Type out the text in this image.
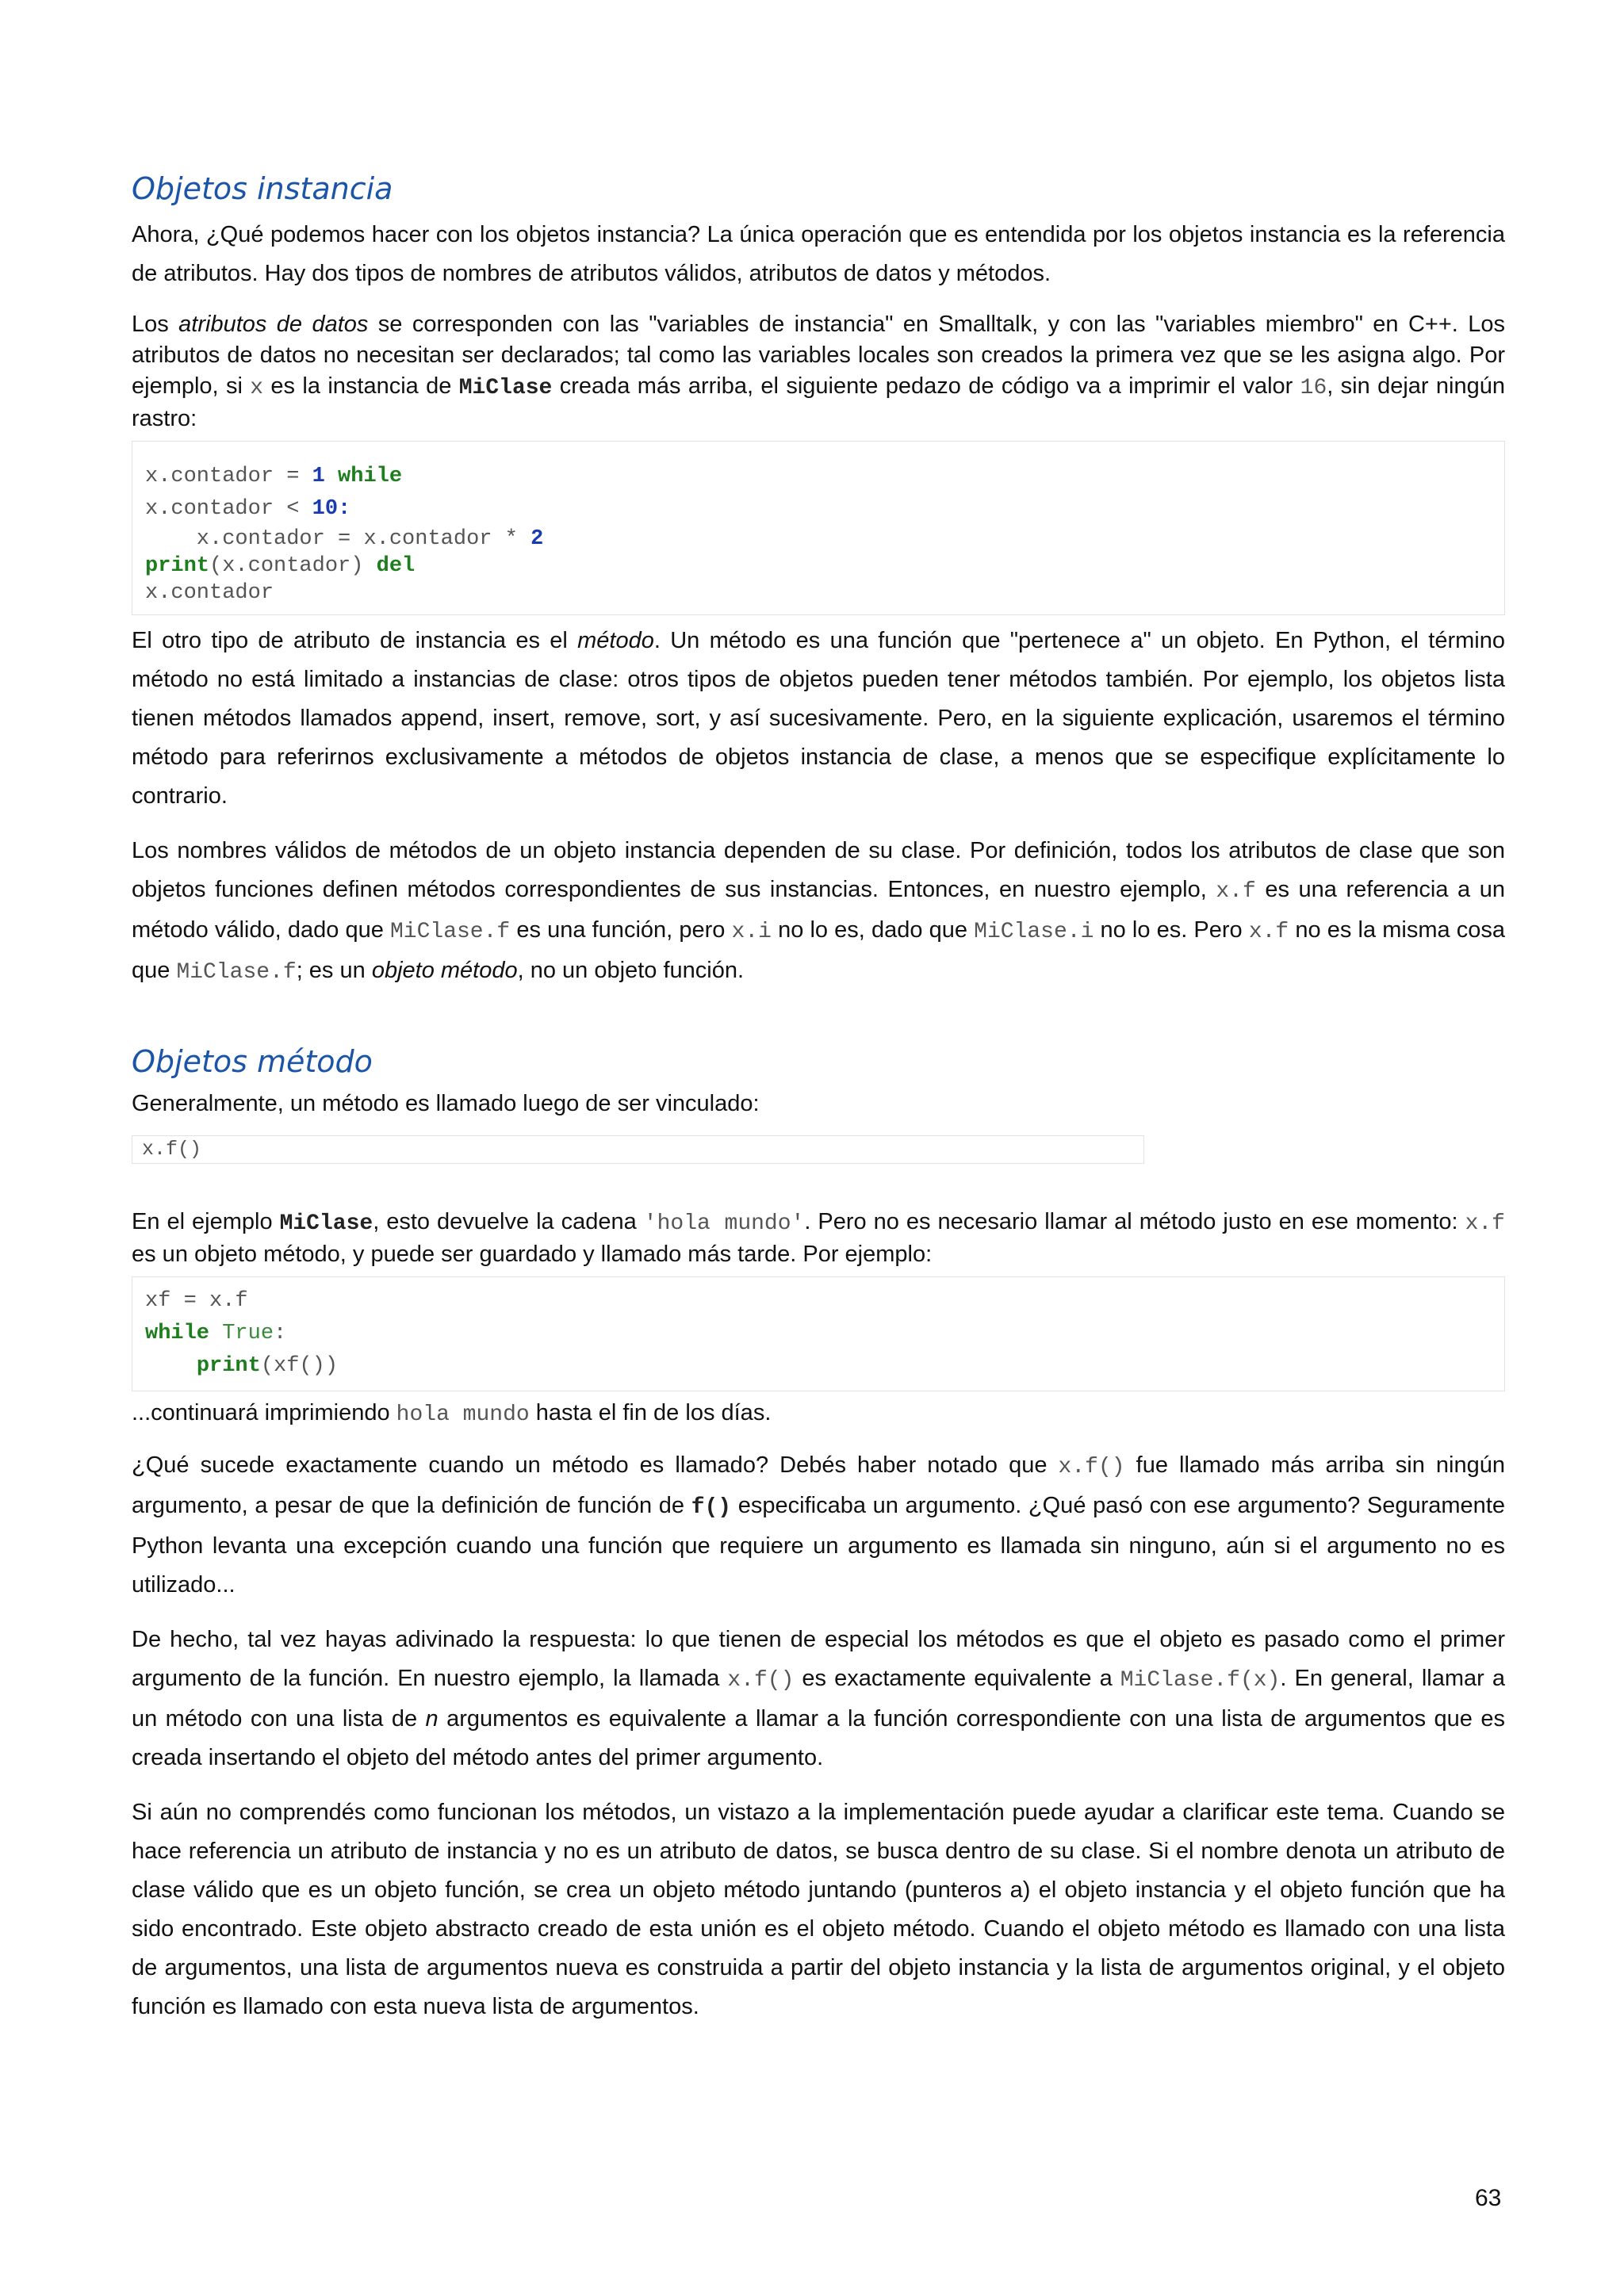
Objetos instancia

Ahora, ¿Qué podemos hacer con los objetos instancia? La única operación que es entendida por los objetos instancia es la referencia de atributos. Hay dos tipos de nombres de atributos válidos, atributos de datos y métodos.

Los atributos de datos se corresponden con las "variables de instancia" en Smalltalk, y con las "variables miembro" en C++. Los atributos de datos no necesitan ser declarados; tal como las variables locales son creados la primera vez que se les asigna algo. Por ejemplo, si x es la instancia de MiClase creada más arriba, el siguiente pedazo de código va a imprimir el valor 16, sin dejar ningún rastro:

x.contador = 1 while
x.contador < 10:
x.contador = x.contador * 2
print(x.contador) del
x.contador

El otro tipo de atributo de instancia es el método. Un método es una función que "pertenece a" un objeto. En Python, el término método no está limitado a instancias de clase: otros tipos de objetos pueden tener métodos también. Por ejemplo, los objetos lista tienen métodos llamados append, insert, remove, sort, y así sucesivamente. Pero, en la siguiente explicación, usaremos el término método para referirnos exclusivamente a métodos de objetos instancia de clase, a menos que se especifique explícitamente lo contrario.

Los nombres válidos de métodos de un objeto instancia dependen de su clase. Por definición, todos los atributos de clase que son objetos funciones definen métodos correspondientes de sus instancias. Entonces, en nuestro ejemplo, x.f es una referencia a un método válido, dado que MiClase.f es una función, pero x.i no lo es, dado que MiClase.i no lo es. Pero x.f no es la misma cosa que MiClase.f; es un objeto método, no un objeto función.

Objetos método

Generalmente, un método es llamado luego de ser vinculado:

x.f()

En el ejemplo MiClase, esto devuelve la cadena 'hola mundo'. Pero no es necesario llamar al método justo en ese momento: x.f es un objeto método, y puede ser guardado y llamado más tarde. Por ejemplo:

xf = x.f
while True:
print(xf())

...continuará imprimiendo hola mundo hasta el fin de los días.

¿Qué sucede exactamente cuando un método es llamado? Debés haber notado que x.f() fue llamado más arriba sin ningún argumento, a pesar de que la definición de función de f() especificaba un argumento. ¿Qué pasó con ese argumento? Seguramente Python levanta una excepción cuando una función que requiere un argumento es llamada sin ninguno, aún si el argumento no es utilizado...

De hecho, tal vez hayas adivinado la respuesta: lo que tienen de especial los métodos es que el objeto es pasado como el primer argumento de la función. En nuestro ejemplo, la llamada x.f() es exactamente equivalente a MiClase.f(x). En general, llamar a un método con una lista de n argumentos es equivalente a llamar a la función correspondiente con una lista de argumentos que es creada insertando el objeto del método antes del primer argumento.

Si aún no comprendés como funcionan los métodos, un vistazo a la implementación puede ayudar a clarificar este tema. Cuando se hace referencia un atributo de instancia y no es un atributo de datos, se busca dentro de su clase. Si el nombre denota un atributo de clase válido que es un objeto función, se crea un objeto método juntando (punteros a) el objeto instancia y el objeto función que ha sido encontrado. Este objeto abstracto creado de esta unión es el objeto método. Cuando el objeto método es llamado con una lista de argumentos, una lista de argumentos nueva es construida a partir del objeto instancia y la lista de argumentos original, y el objeto función es llamado con esta nueva lista de argumentos.

63
